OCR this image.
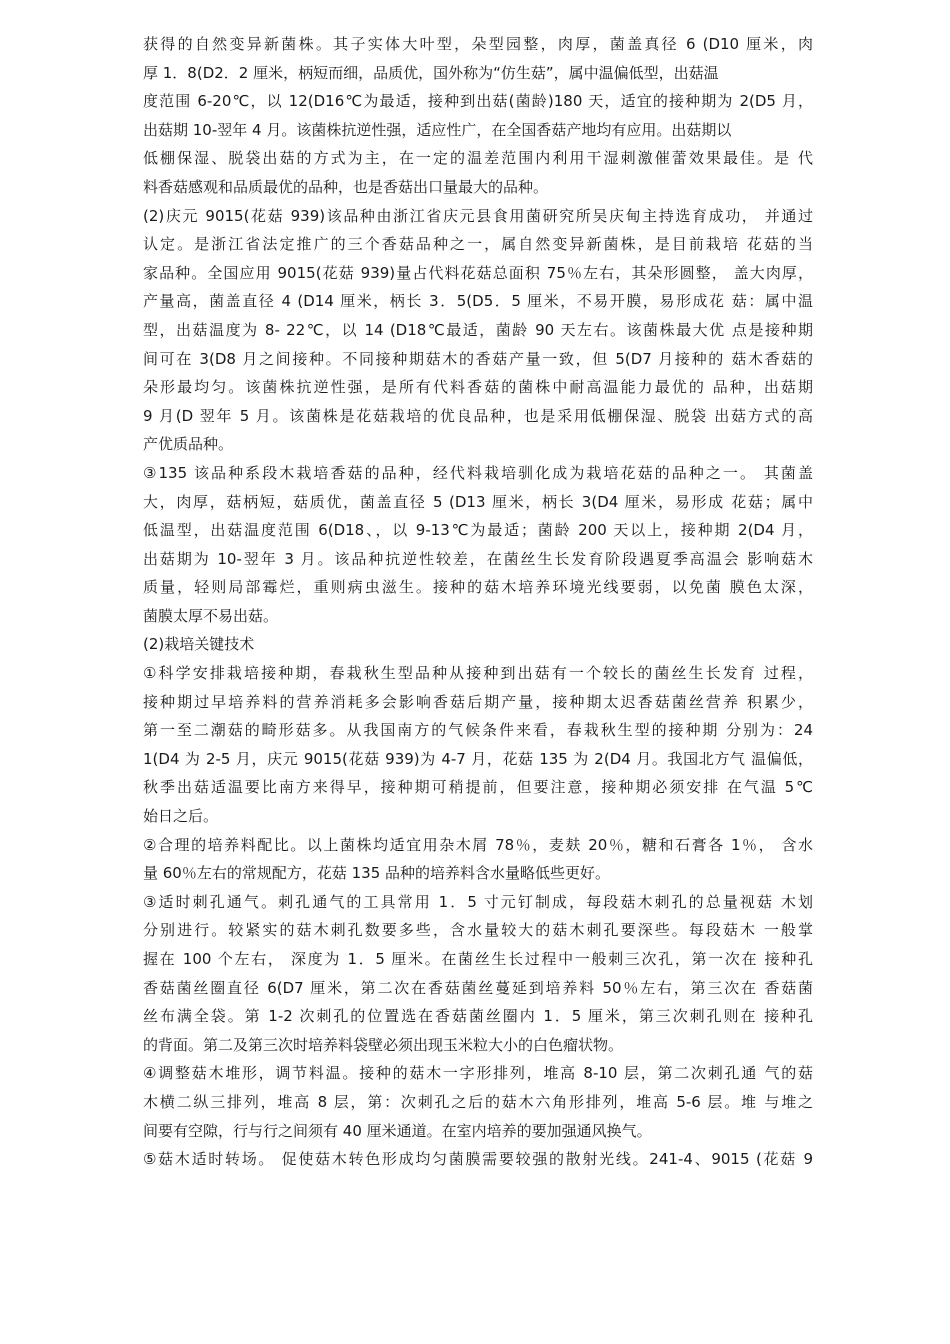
获得的自然变异新菌株。其子实体大叶型，朵型园整，肉厚，菌盖真径 6 (D10 厘米，肉
厚 1．8(D2．2 厘米，柄短而细，品质优，国外称为“仿生菇”，属中温偏低型，出菇温
度范围 6-20℃，以 12(D16℃为最适，接种到出菇(菌龄)180 天，适宜的接种期为 2(D5 月，
出菇期 10-翌年 4 月。该菌株抗逆性强，适应性广，在全国香菇产地均有应用。出菇期以
低棚保湿、脱袋出菇的方式为主，在一定的温差范围内利用干湿刺激催蕾效果最佳。是 代
料香菇感观和品质最优的品种，也是香菇出口量最大的品种。
(2)庆元 9015(花菇 939)该品种由浙江省庆元县食用菌研究所吴庆甸主持选育成功， 并通过
认定。是浙江省法定推广的三个香菇品种之一，属自然变异新菌株，是目前栽培 花菇的当
家品种。全国应用 9015(花菇 939)量占代料花菇总面积 75％左右，其朵形圆整， 盖大肉厚，
产量高，菌盖直径 4 (D14 厘米，柄长 3．5(D5．5 厘米，不易开膜，易形成花 菇：属中温
型，出菇温度为 8- 22℃，以 14 (D18℃最适，菌龄 90 天左右。该菌株最大优 点是接种期
间可在 3(D8 月之间接种。不同接种期菇木的香菇产量一致，但 5(D7 月接种的 菇木香菇的
朵形最均匀。该菌株抗逆性强，是所有代料香菇的菌株中耐高温能力最优的 品种，出菇期
9 月(D 翌年 5 月。该菌株是花菇栽培的优良品种，也是采用低棚保湿、脱袋 出菇方式的高
产优质品种。
③135 该品种系段木栽培香菇的品种，经代料栽培驯化成为栽培花菇的品种之一。 其菌盖
大，肉厚，菇柄短，菇质优，菌盖直径 5 (D13 厘米，柄长 3(D4 厘米，易形成 花菇；属中
低温型，出菇温度范围 6(D18、，以 9-13℃为最适；菌龄 200 天以上，接种期 2(D4 月，
出菇期为 10-翌年 3 月。该品种抗逆性较差，在菌丝生长发育阶段遇夏季高温会 影响菇木
质量，轻则局部霉烂，重则病虫滋生。接种的菇木培养环境光线要弱，以免菌 膜色太深，
菌膜太厚不易出菇。
(2)栽培关键技术
①科学安排栽培接种期，春栽秋生型品种从接种到出菇有一个较长的菌丝生长发育 过程，
接种期过早培养料的营养消耗多会影响香菇后期产量，接种期太迟香菇菌丝营养 积累少，
第一至二潮菇的畸形菇多。从我国南方的气候条件来看，春栽秋生型的接种期 分别为：24
1(D4 为 2-5 月，庆元 9015(花菇 939)为 4-7 月，花菇 135 为 2(D4 月。我国北方气 温偏低，
秋季出菇适温要比南方来得早，接种期可稍提前，但要注意，接种期必须安排 在气温 5℃
始日之后。
②合理的培养料配比。以上菌株均适宜用杂木屑 78％，麦麸 20％，糖和石膏各 1％， 含水
量 60％左右的常规配方，花菇 135 品种的培养料含水量略低些更好。
③适时刺孔通气。刺孔通气的工具常用 1．5 寸元钉制成，每段菇木刺孔的总量视菇 木划
分别进行。较紧实的菇木刺孔数要多些，含水量较大的菇木刺孔要深些。每段菇木 一般掌
握在 100 个左右， 深度为 1．5 厘米。在菌丝生长过程中一般刺三次孔，第一次在 接种孔
香菇菌丝圈直径 6(D7 厘米，第二次在香菇菌丝蔓延到培养料 50％左右，第三次在 香菇菌
丝布满全袋。第 1-2 次刺孔的位置选在香菇菌丝圈内 1．5 厘米，第三次刺孔则在 接种孔
的背面。第二及第三次时培养料袋壁必须出现玉米粒大小的白色瘤状物。
④调整菇木堆形，调节料温。接种的菇木一字形排列，堆高 8-10 层，第二次刺孔通 气的菇
木横二纵三排列，堆高 8 层，第：次刺孔之后的菇木六角形排列，堆高 5-6 层。堆 与堆之
间要有空隙，行与行之间须有 40 厘米通道。在室内培养的要加强通风换气。
⑤菇木适时转场。 促使菇木转色形成均匀菌膜需要较强的散射光线。241-4、9015 (花菇 9
